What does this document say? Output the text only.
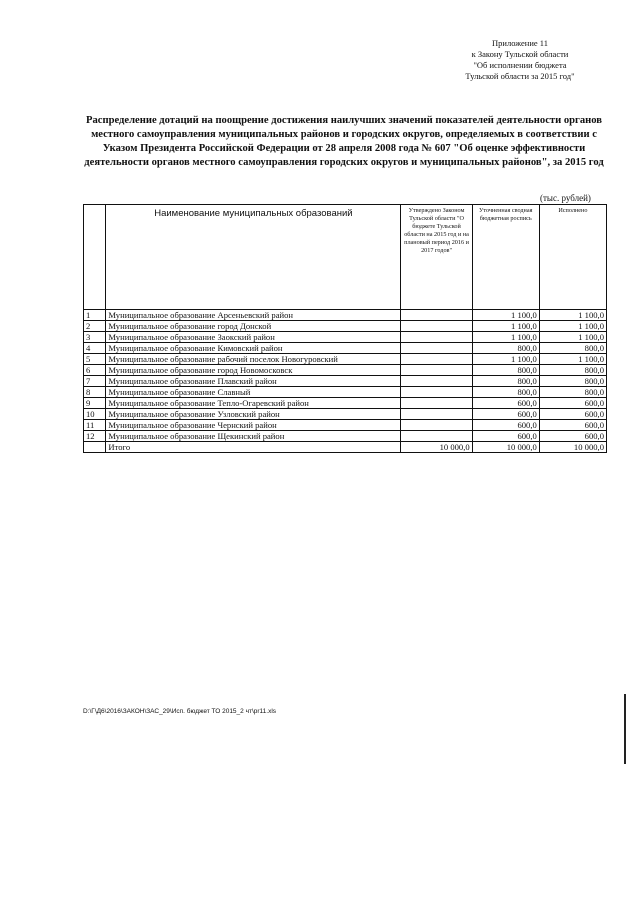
Приложение 11
к Закону Тульской области
"Об исполнении бюджета
Тульской области за 2015 год"
Распределение дотаций на поощрение достижения наилучших значений показателей деятельности органов местного самоуправления муниципальных районов и городских округов, определяемых в соответствии с Указом Президента Российской Федерации от 28 апреля 2008 года № 607 "Об оценке эффективности деятельности органов местного самоуправления городских округов и муниципальных районов", за 2015 год
(тыс. рублей)
	Наименование муниципальных образований	Утверждено Законом Тульской области "О бюджете Тульской области на 2015 год и на плановый период 2016 и 2017 годов"	Уточненная сводная бюджетная роспись	Исполнено
1	Муниципальное образование Арсеньевский район		1 100,0	1 100,0
2	Муниципальное образование город Донской		1 100,0	1 100,0
3	Муниципальное образование Заокский район		1 100,0	1 100,0
4	Муниципальное образование Кимовский район		800,0	800,0
5	Муниципальное образование рабочий поселок Новогуровский		1 100,0	1 100,0
6	Муниципальное образование город Новомосковск		800,0	800,0
7	Муниципальное образование Плавский район		800,0	800,0
8	Муниципальное образование Славный		800,0	800,0
9	Муниципальное образование Тепло-Огаревский район		600,0	600,0
10	Муниципальное образование Узловский район		600,0	600,0
11	Муниципальное образование Чернский район		600,0	600,0
12	Муниципальное образование Щекинский район		600,0	600,0
	Итого	10 000,0	10 000,0	10 000,0
D:\Г\Д6\2016\ЗАКОН\ЗАС_29\Исп. бюджет ТО 2015_2 чт\pr11.xls
